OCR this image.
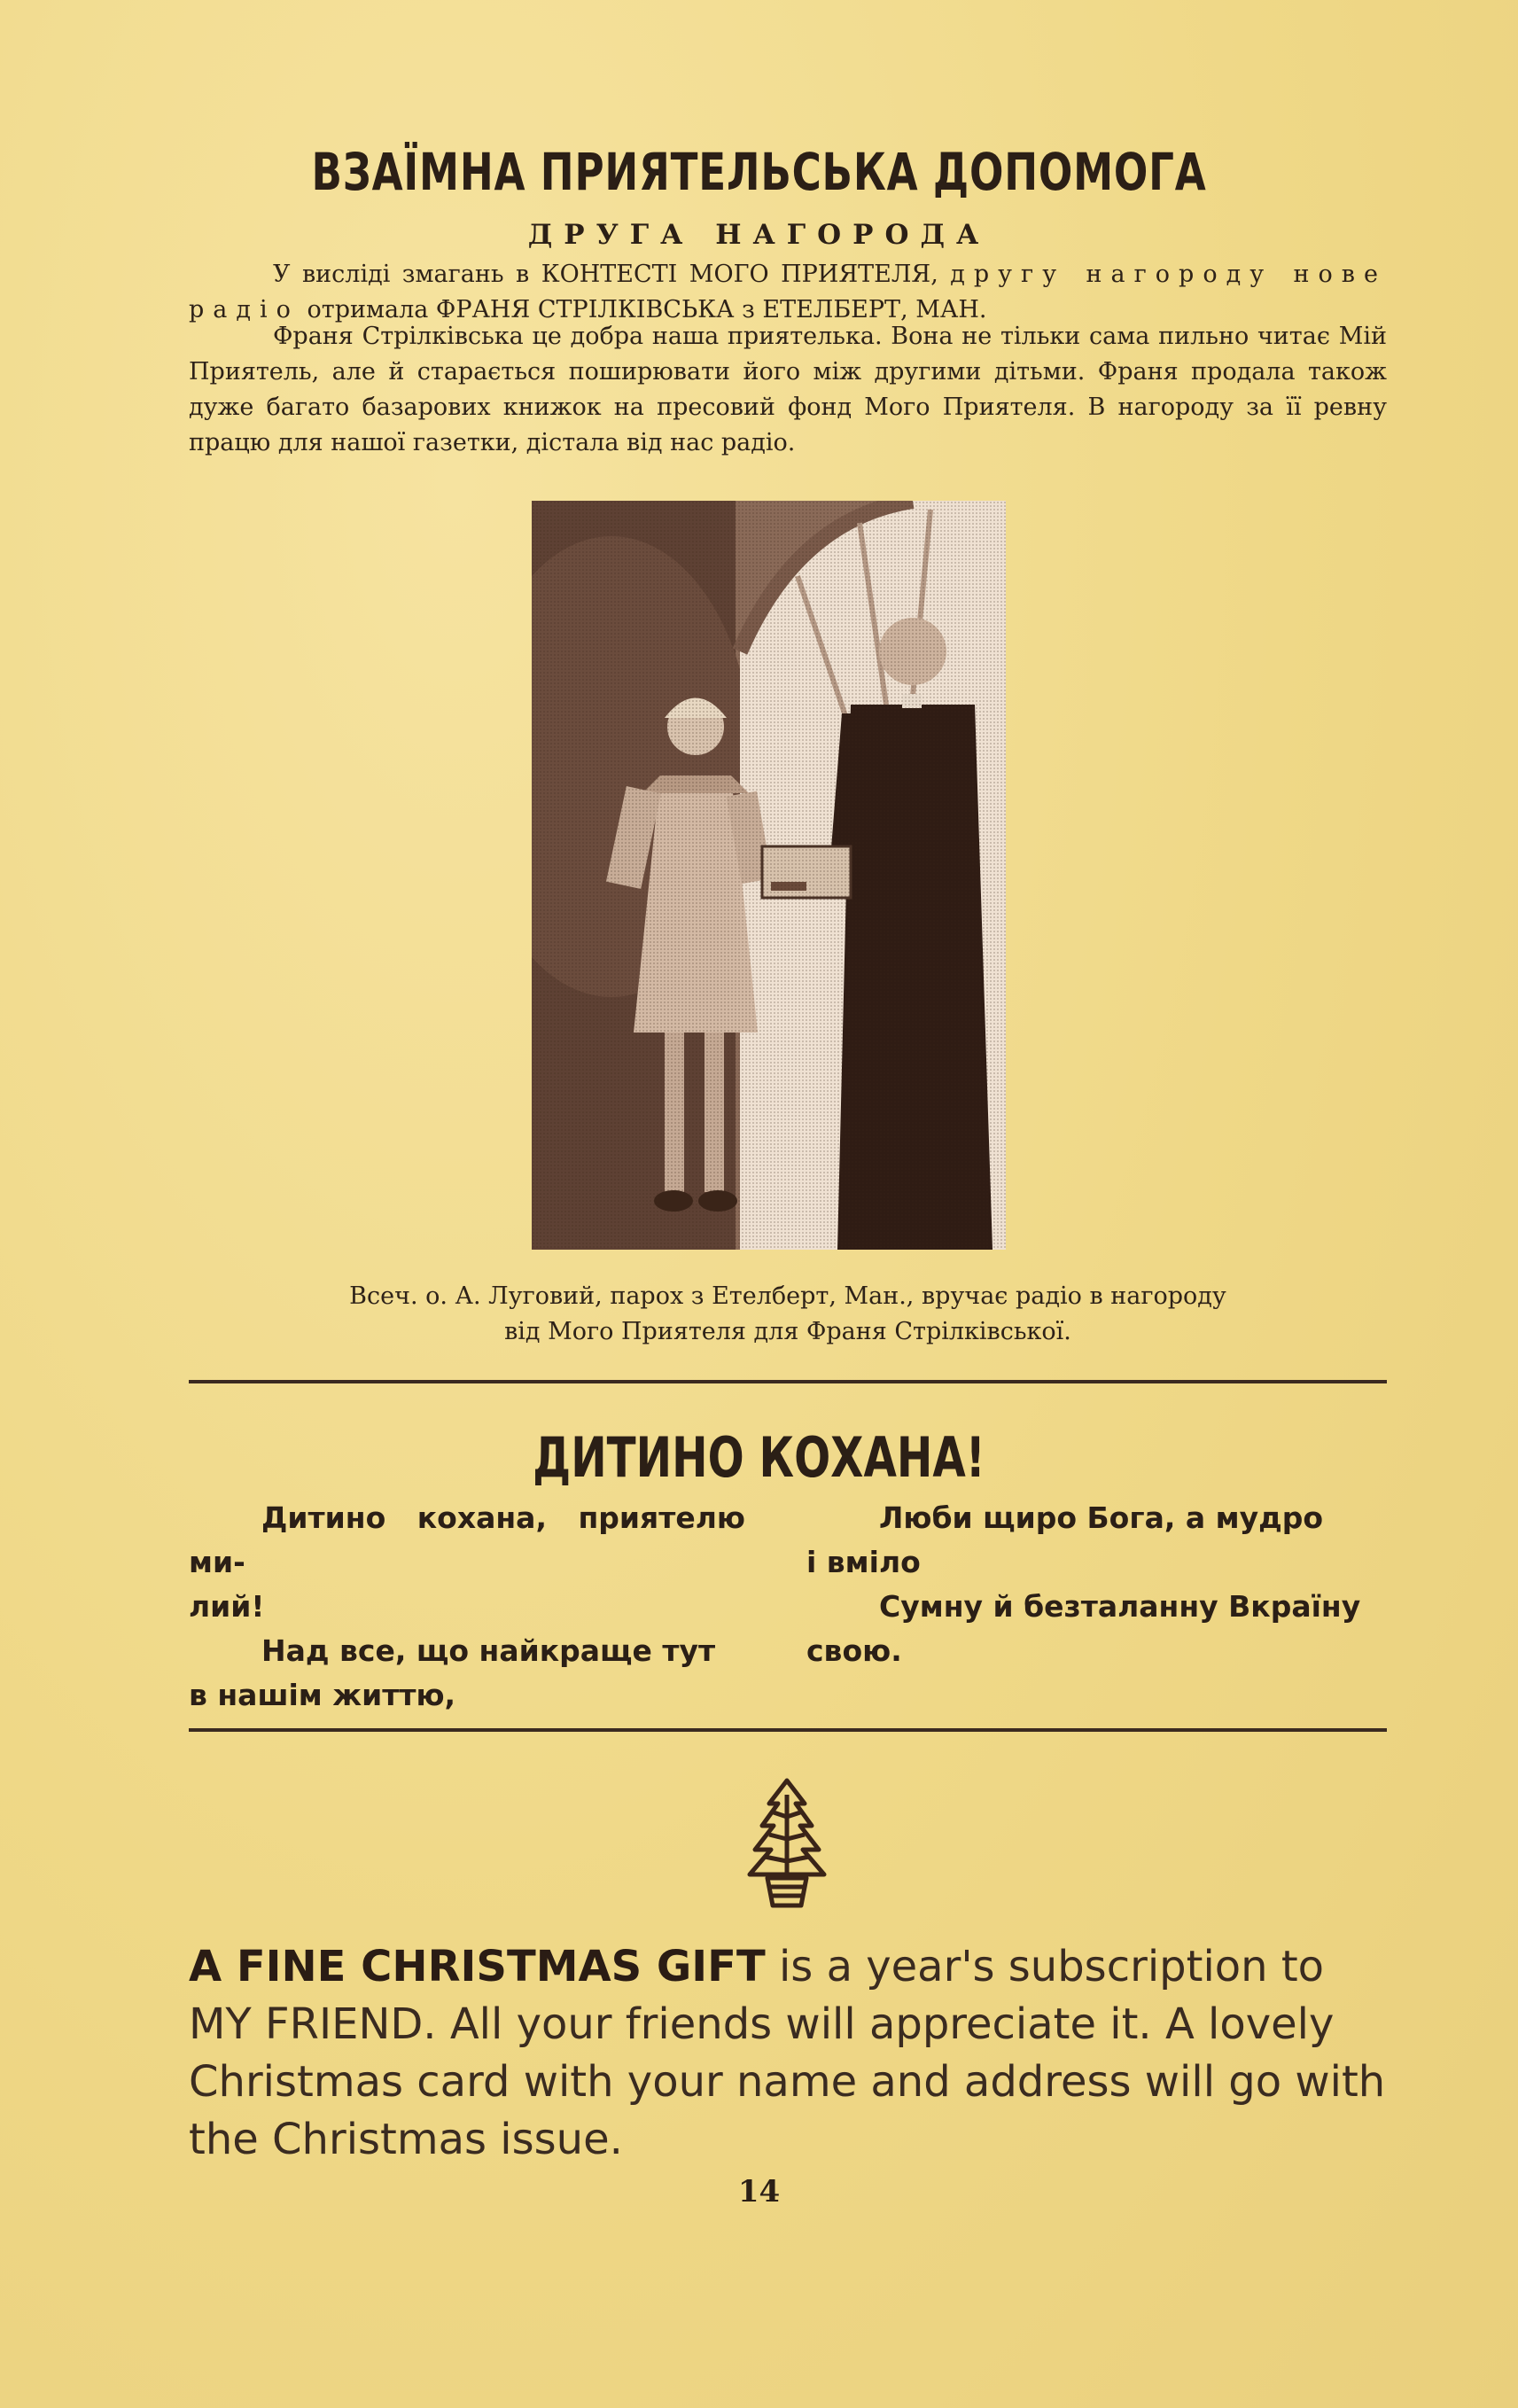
ВЗАЇМНА ПРИЯТЕЛЬСЬКА ДОПОМОГА
ДРУГА НАГОРОДА
У висліді змагань в КОНТЕСТІ МОГО ПРИЯТЕЛЯ, другу нагороду нове радіо отримала ФРАНЯ СТРІЛКІВСЬКА з ЕТЕЛБЕРТ, МАН.
Франя Стрілківська це добра наша приятелька. Вона не тільки сама пильно читає Мій Приятель, але й старається поширювати його між другими дітьми. Франя продала також дуже багато базарових книжок на пресовий фонд Мого Приятеля. В нагороду за її ревну працю для нашої газетки, дістала від нас радіо.
Всеч. о. А. Луговий, парох з Етелберт, Ман., вручає радіо в нагороду
від Мого Приятеля для Франя Стрілківської.
ДИТИНО КОХАНА!
Дитино кохана, приятелю ми-
лий!
Над все, що найкраще тут
в нашім життю,
Люби щиро Бога, а мудро
і вміло
Сумну й безталанну Вкраїну
свою.
A FINE CHRISTMAS GIFT is a year's subscription to MY FRIEND. All your friends will appreciate it. A lovely Christmas card with your name and address will go with the Christmas issue.
14
